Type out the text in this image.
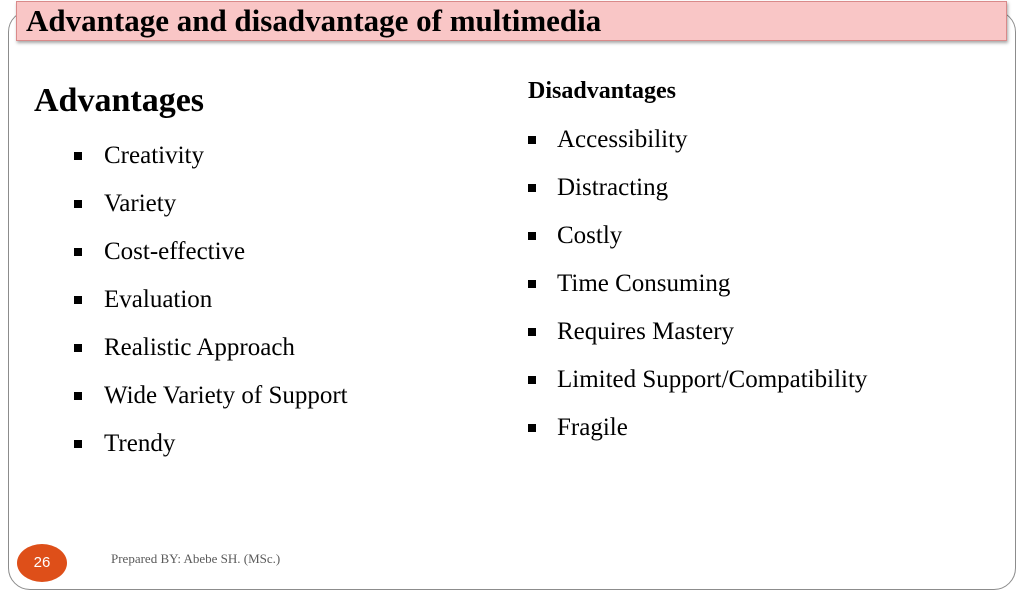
Advantage and disadvantage of multimedia
Advantages
Creativity
Variety
Cost-effective
Evaluation
Realistic Approach
Wide Variety of Support
Trendy
Disadvantages
Accessibility
Distracting
Costly
Time Consuming
Requires Mastery
Limited Support/Compatibility
Fragile
26	Prepared BY: Abebe SH. (MSc.)
